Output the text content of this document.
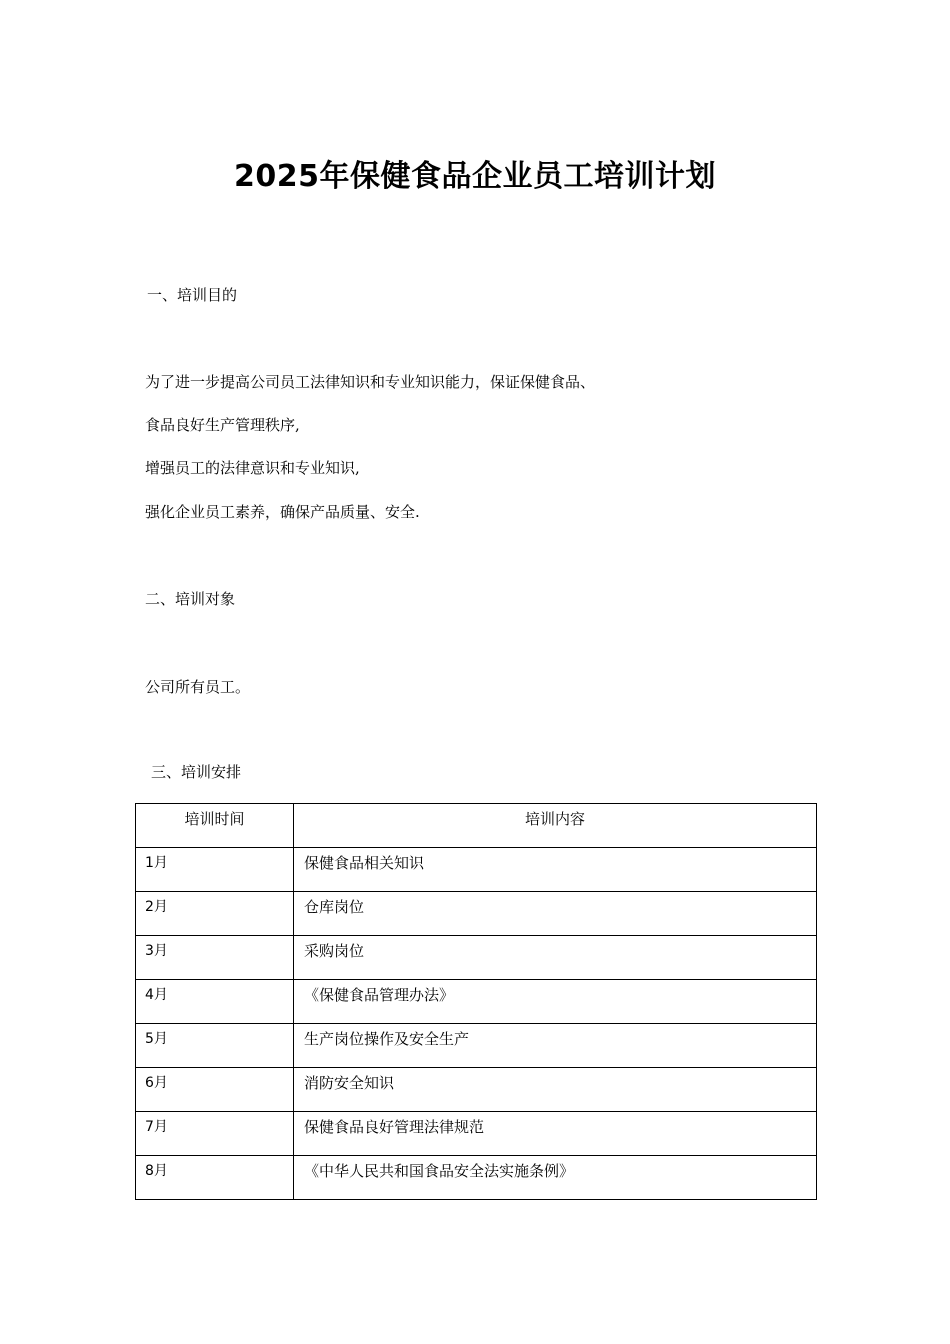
2025年保健食品企业员工培训计划
一、培训目的
为了进一步提高公司员工法律知识和专业知识能力，保证保健食品、
食品良好生产管理秩序,
增强员工的法律意识和专业知识,
强化企业员工素养，确保产品质量、安全.
二、培训对象
公司所有员工。
三、培训安排
培训时间	培训内容

1月	保健食品相关知识

2月	仓库岗位

3月	采购岗位

4月	《保健食品管理办法》

5月	生产岗位操作及安全生产

6月	消防安全知识

7月	保健食品良好管理法律规范

8月	《中华人民共和国食品安全法实施条例》
